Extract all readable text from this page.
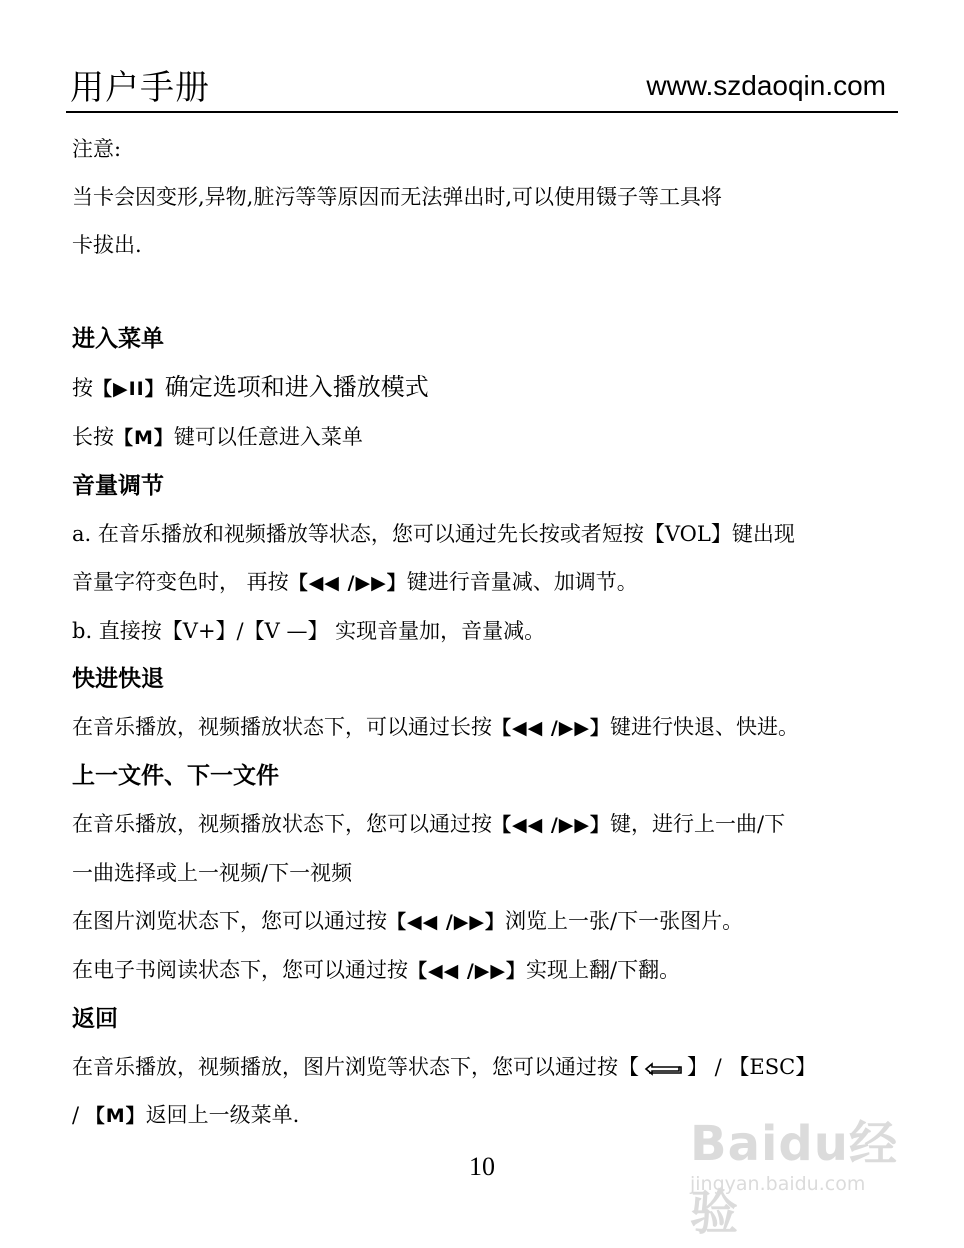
用户手册	www.szdaoqin.com

注意:

当卡会因变形,异物,脏污等等原因而无法弹出时,可以使用镊子等工具将

卡拔出.

进入菜单

按【▶II】确定选项和进入播放模式

长按【M】键可以任意进入菜单

音量调节

a. 在音乐播放和视频播放等状态，您可以通过先长按或者短按【VOL】键出现

音量字符变色时， 再按【◀◀ /▶▶】键进行音量减、加调节。

b. 直接按【V+】/【V —】 实现音量加，音量减。

快进快退

在音乐播放，视频播放状态下，可以通过长按【◀◀ /▶▶】键进行快退、快进。

上一文件、下一文件

在音乐播放，视频播放状态下，您可以通过按【◀◀ /▶▶】键，进行上一曲/下

一曲选择或上一视频/下一视频

在图片浏览状态下，您可以通过按【◀◀ /▶▶】浏览上一张/下一张图片。

在电子书阅读状态下，您可以通过按【◀◀ /▶▶】实现上翻/下翻。

返回

在音乐播放，视频播放，图片浏览等状态下，您可以通过按【 】 / 【ESC】

/ 【M】返回上一级菜单.

10	Baidu经验
jingyan.baidu.com
